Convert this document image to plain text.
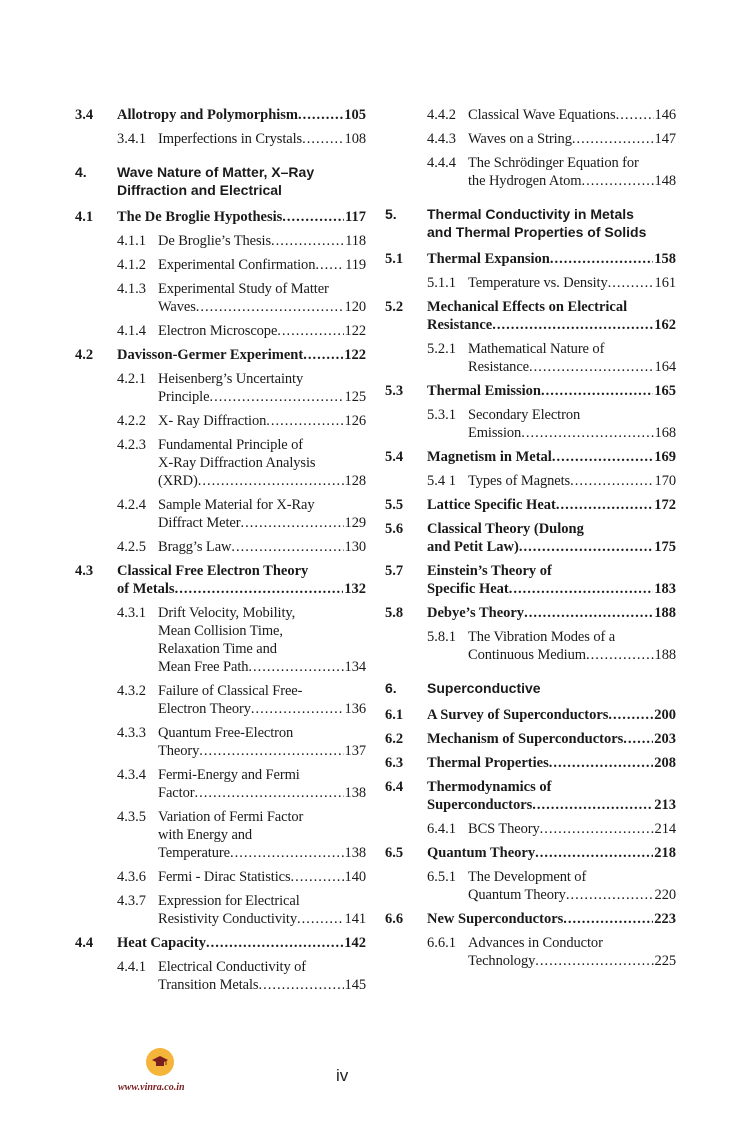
3.4 Allotropy and Polymorphism .....	105
3.4.1 Imperfections in Crystals .....	108
4. Wave Nature of Matter, X–Ray
Diffraction and Electrical
4.1 The De Broglie Hypothesis .....	117
4.1.1 De Broglie’s Thesis .....	118
4.1.2 Experimental Confirmation ..... 119
4.1.3 Experimental Study of Matter
Waves .....	120
4.1.4 Electron Microscope .....	122
4.2 Davisson-Germer Experiment .....	122
4.2.1 Heisenberg’s Uncertainty
Principle .....	125
4.2.2 X- Ray Diffraction .....	126
4.2.3 Fundamental Principle of
X-Ray Diffraction Analysis
(XRD) .....	128
4.2.4 Sample Material for X-Ray
Diffract Meter .....	129
4.2.5 Bragg’s Law .....	130
4.3 Classical Free Electron Theory
of Metals .....	132
4.3.1 Drift Velocity, Mobility,
Mean Collision Time,
Relaxation Time and
Mean Free Path .....	134
4.3.2 Failure of Classical Free-
Electron Theory .....	136
4.3.3 Quantum Free-Electron
Theory .....	137
4.3.4 Fermi-Energy and Fermi
Factor .....	138
4.3.5 Variation of Fermi Factor
with Energy and
Temperature .....	138
4.3.6 Fermi - Dirac Statistics .....	140
4.3.7 Expression for Electrical
Resistivity Conductivity .....	141
4.4 Heat Capacity .....	142
4.4.1 Electrical Conductivity of
Transition Metals .....	145
4.4.2 Classical Wave Equations .....	146
4.4.3 Waves on a String .....	147
4.4.4 The Schrödinger Equation for
the Hydrogen Atom .....	148
5. Thermal Conductivity in Metals
and Thermal Properties of Solids
5.1 Thermal Expansion .....	158
5.1.1 Temperature vs. Density .....	161
5.2 Mechanical Effects on Electrical
Resistance .....	162
5.2.1 Mathematical Nature of
Resistance .....	164
5.3 Thermal Emission .....	165
5.3.1 Secondary Electron
Emission .....	168
5.4 Magnetism in Metal .....	169
5.4 1 Types of Magnets .....	170
5.5 Lattice Specific Heat .....	172
5.6 Classical Theory (Dulong
and Petit Law) .....	175
5.7 Einstein’s Theory of
Specific Heat .....	183
5.8 Debye’s Theory .....	188
5.8.1 The Vibration Modes of a
Continuous Medium .....	188
6. Superconductive
6.1 A Survey of Superconductors .....	200
6.2 Mechanism of Superconductors ..... 203
6.3 Thermal Properties .....	208
6.4 Thermodynamics of
Superconductors .....	213
6.4.1 BCS Theory .....	214
6.5 Quantum Theory .....	218
6.5.1 The Development of
Quantum Theory .....	220
6.6 New Superconductors .....	223
6.6.1 Advances in Conductor
Technology .....	225
www.vinra.co.in
iv
